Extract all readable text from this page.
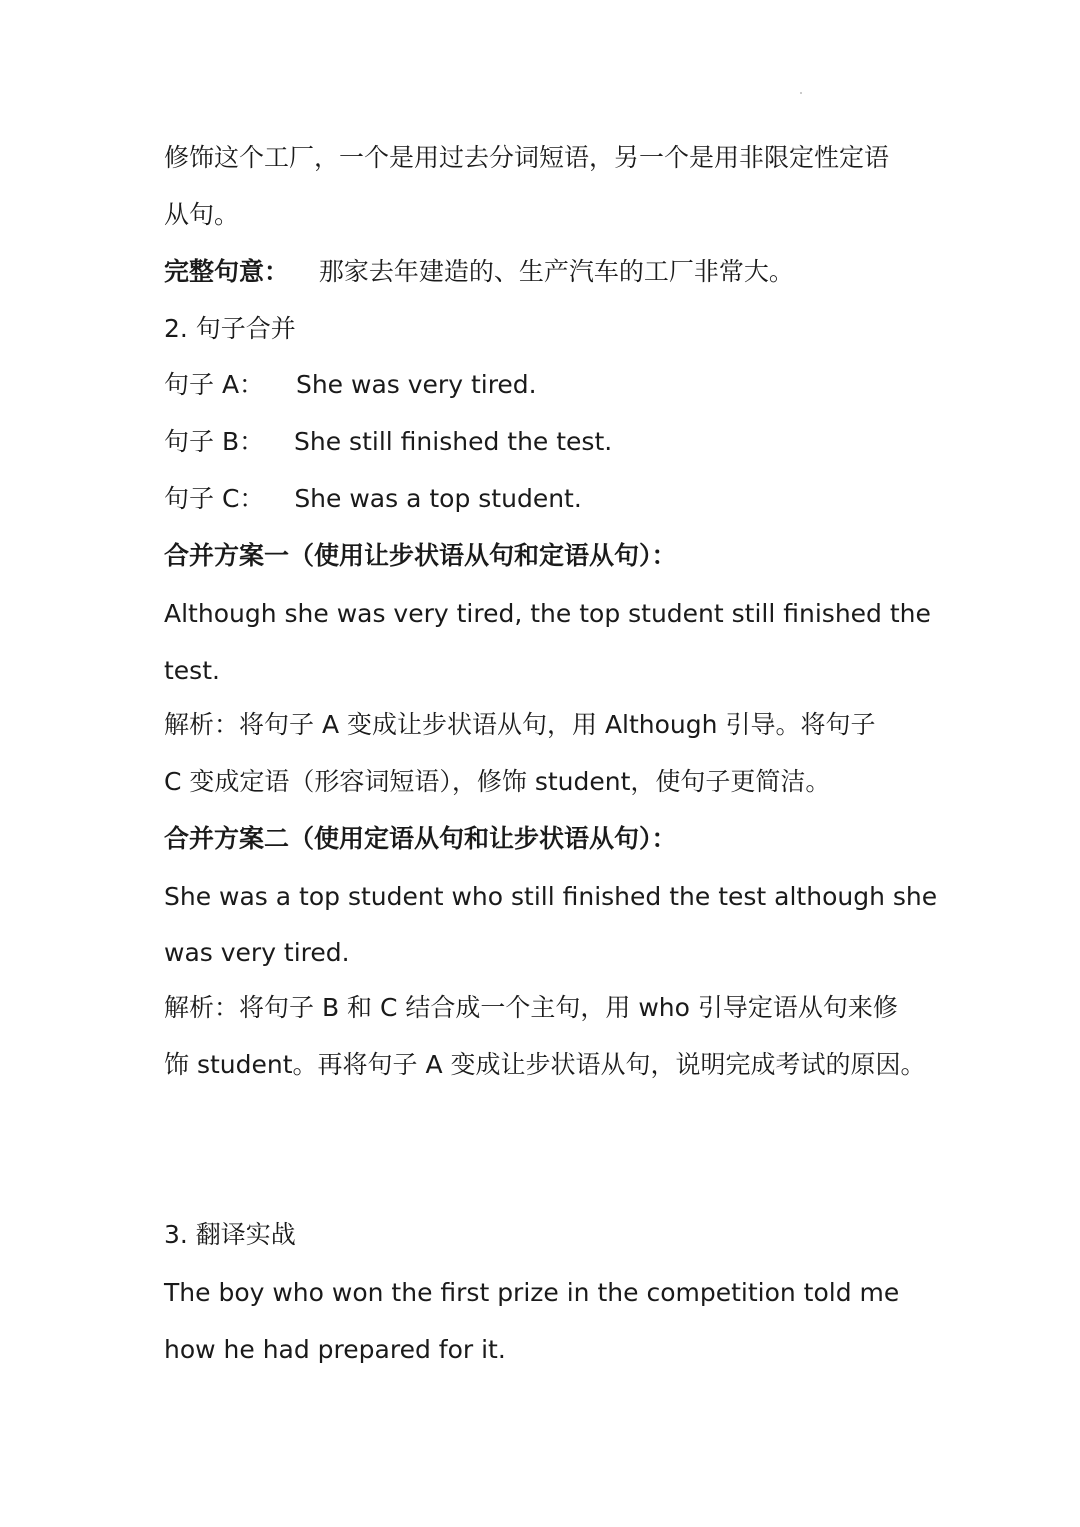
修饰这个工厂，一个是用过去分词短语，另一个是用非限定性定语
从句。
完整句意： 那家去年建造的、生产汽车的工厂非常大。
2. 句子合并
句子 A： She was very tired.
句子 B： She still finished the test.
句子 C： She was a top student.
合并方案一（使用让步状语从句和定语从句）：
Although she was very tired, the top student still finished the
test.
解析：将句子 A 变成让步状语从句，用 Although 引导。将句子
C 变成定语（形容词短语），修饰 student，使句子更简洁。
合并方案二（使用定语从句和让步状语从句）：
She was a top student who still finished the test although she
was very tired.
解析：将句子 B 和 C 结合成一个主句，用 who 引导定语从句来修
饰 student。再将句子 A 变成让步状语从句，说明完成考试的原因。
3. 翻译实战
The boy who won the first prize in the competition told me
how he had prepared for it.
